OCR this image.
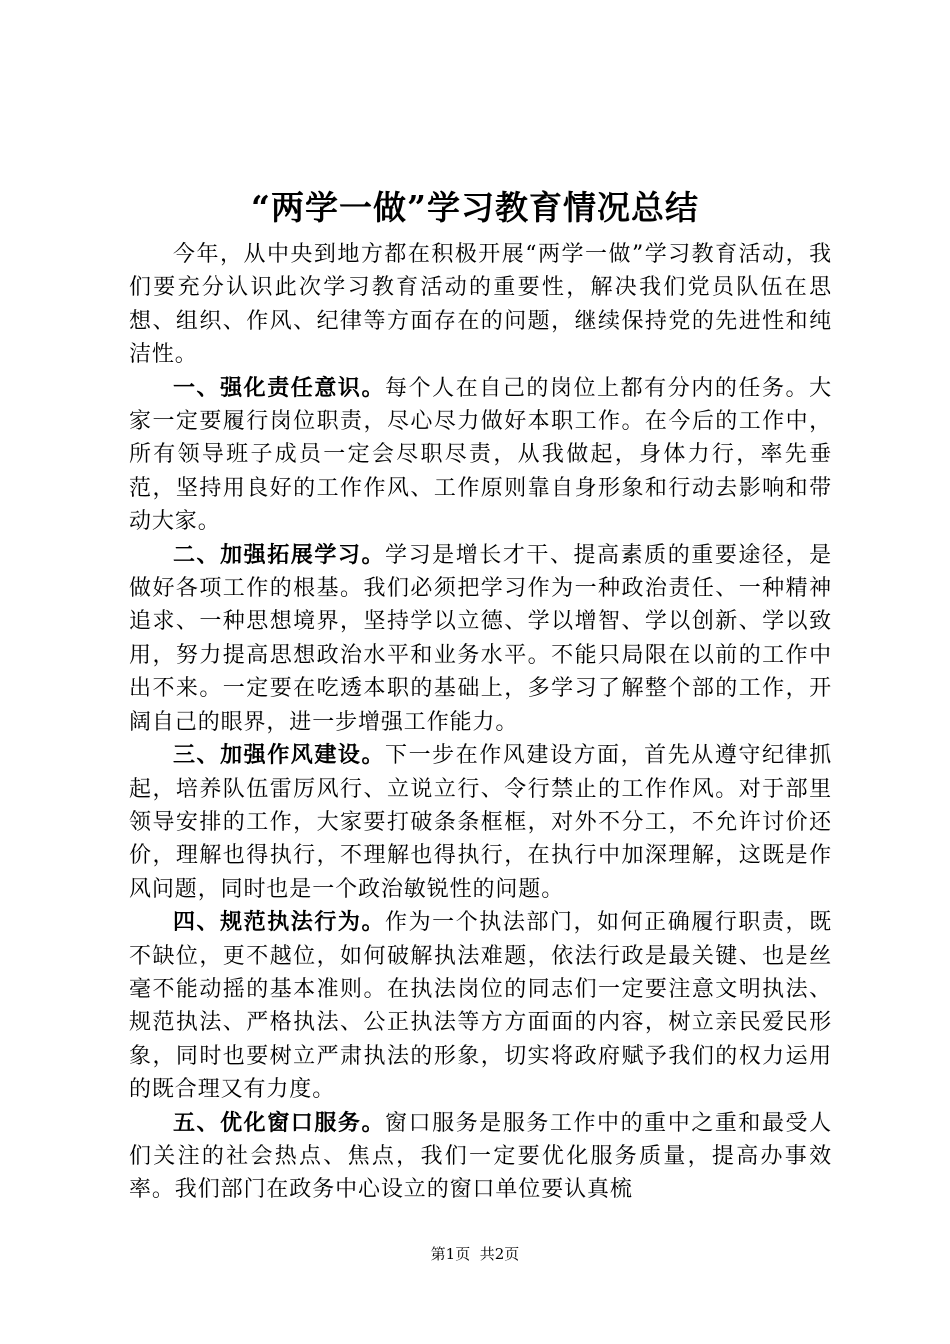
“两学一做”学习教育情况总结

今年，从中央到地方都在积极开展“两学一做”学习教育活动，我们要充分认识此次学习教育活动的重要性，解决我们党员队伍在思想、组织、作风、纪律等方面存在的问题，继续保持党的先进性和纯洁性。

一、强化责任意识。每个人在自己的岗位上都有分内的任务。大家一定要履行岗位职责，尽心尽力做好本职工作。在今后的工作中，所有领导班子成员一定会尽职尽责，从我做起，身体力行，率先垂范，坚持用良好的工作作风、工作原则靠自身形象和行动去影响和带动大家。

二、加强拓展学习。学习是增长才干、提高素质的重要途径，是做好各项工作的根基。我们必须把学习作为一种政治责任、一种精神追求、一种思想境界，坚持学以立德、学以增智、学以创新、学以致用，努力提高思想政治水平和业务水平。不能只局限在以前的工作中出不来。一定要在吃透本职的基础上，多学习了解整个部的工作，开阔自己的眼界，进一步增强工作能力。

三、加强作风建设。下一步在作风建设方面，首先从遵守纪律抓起，培养队伍雷厉风行、立说立行、令行禁止的工作作风。对于部里领导安排的工作，大家要打破条条框框，对外不分工，不允许讨价还价，理解也得执行，不理解也得执行，在执行中加深理解，这既是作风问题，同时也是一个政治敏锐性的问题。

四、规范执法行为。作为一个执法部门，如何正确履行职责，既不缺位，更不越位，如何破解执法难题，依法行政是最关键、也是丝毫不能动摇的基本准则。在执法岗位的同志们一定要注意文明执法、规范执法、严格执法、公正执法等方方面面的内容，树立亲民爱民形象，同时也要树立严肃执法的形象，切实将政府赋予我们的权力运用的既合理又有力度。

五、优化窗口服务。窗口服务是服务工作中的重中之重和最受人们关注的社会热点、焦点，我们一定要优化服务质量，提高办事效率。我们部门在政务中心设立的窗口单位要认真梳

第1页 共2页
